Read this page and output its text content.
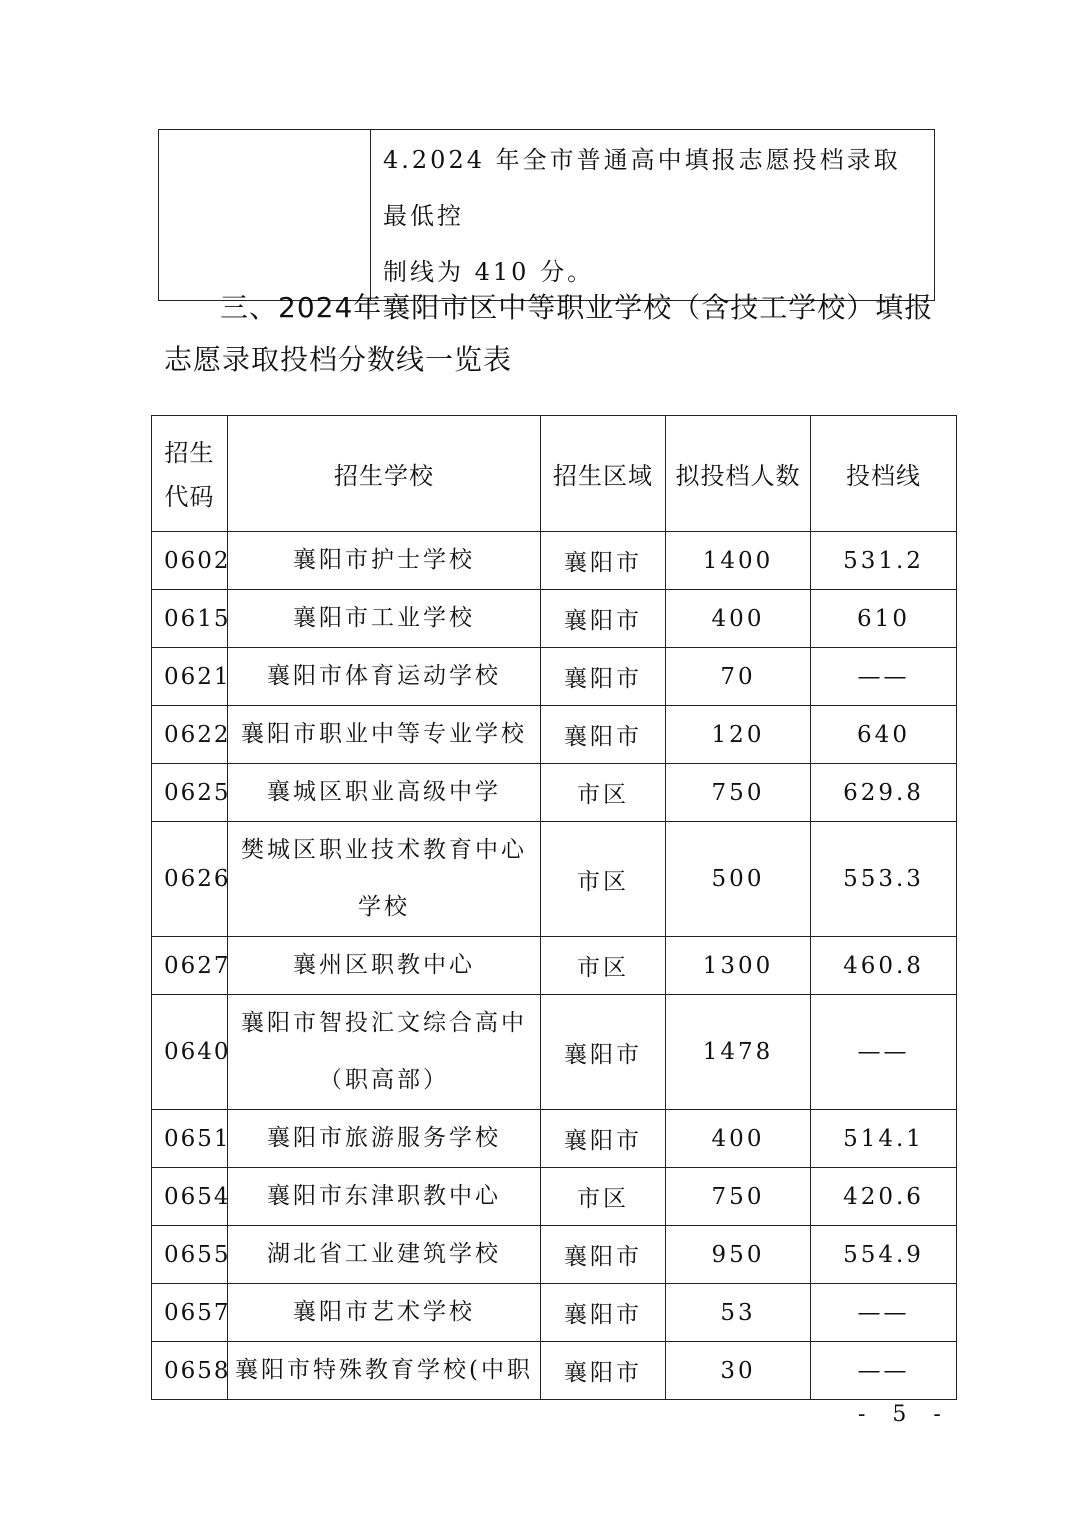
4.2024 年全市普通高中填报志愿投档录取最低控
制线为 410 分。

三、2024年襄阳市区中等职业学校（含技工学校）填报
志愿录取投档分数线一览表
招生
代码	招生学校	招生区域	拟投档人数	投档线
0602	襄阳市护士学校	襄阳市	1400	531.2
0615	襄阳市工业学校	襄阳市	400	610
0621	襄阳市体育运动学校	襄阳市	70	——
0622	襄阳市职业中等专业学校	襄阳市	120	640
0625	襄城区职业高级中学	市区	750	629.8
0626	樊城区职业技术教育中心
学校	市区	500	553.3
0627	襄州区职教中心	市区	1300	460.8
0640	襄阳市智投汇文综合高中
（职高部）	襄阳市	1478	——
0651	襄阳市旅游服务学校	襄阳市	400	514.1
0654	襄阳市东津职教中心	市区	750	420.6
0655	湖北省工业建筑学校	襄阳市	950	554.9
0657	襄阳市艺术学校	襄阳市	53	——
0658	襄阳市特殊教育学校(中职	襄阳市	30	——

- 5 -
